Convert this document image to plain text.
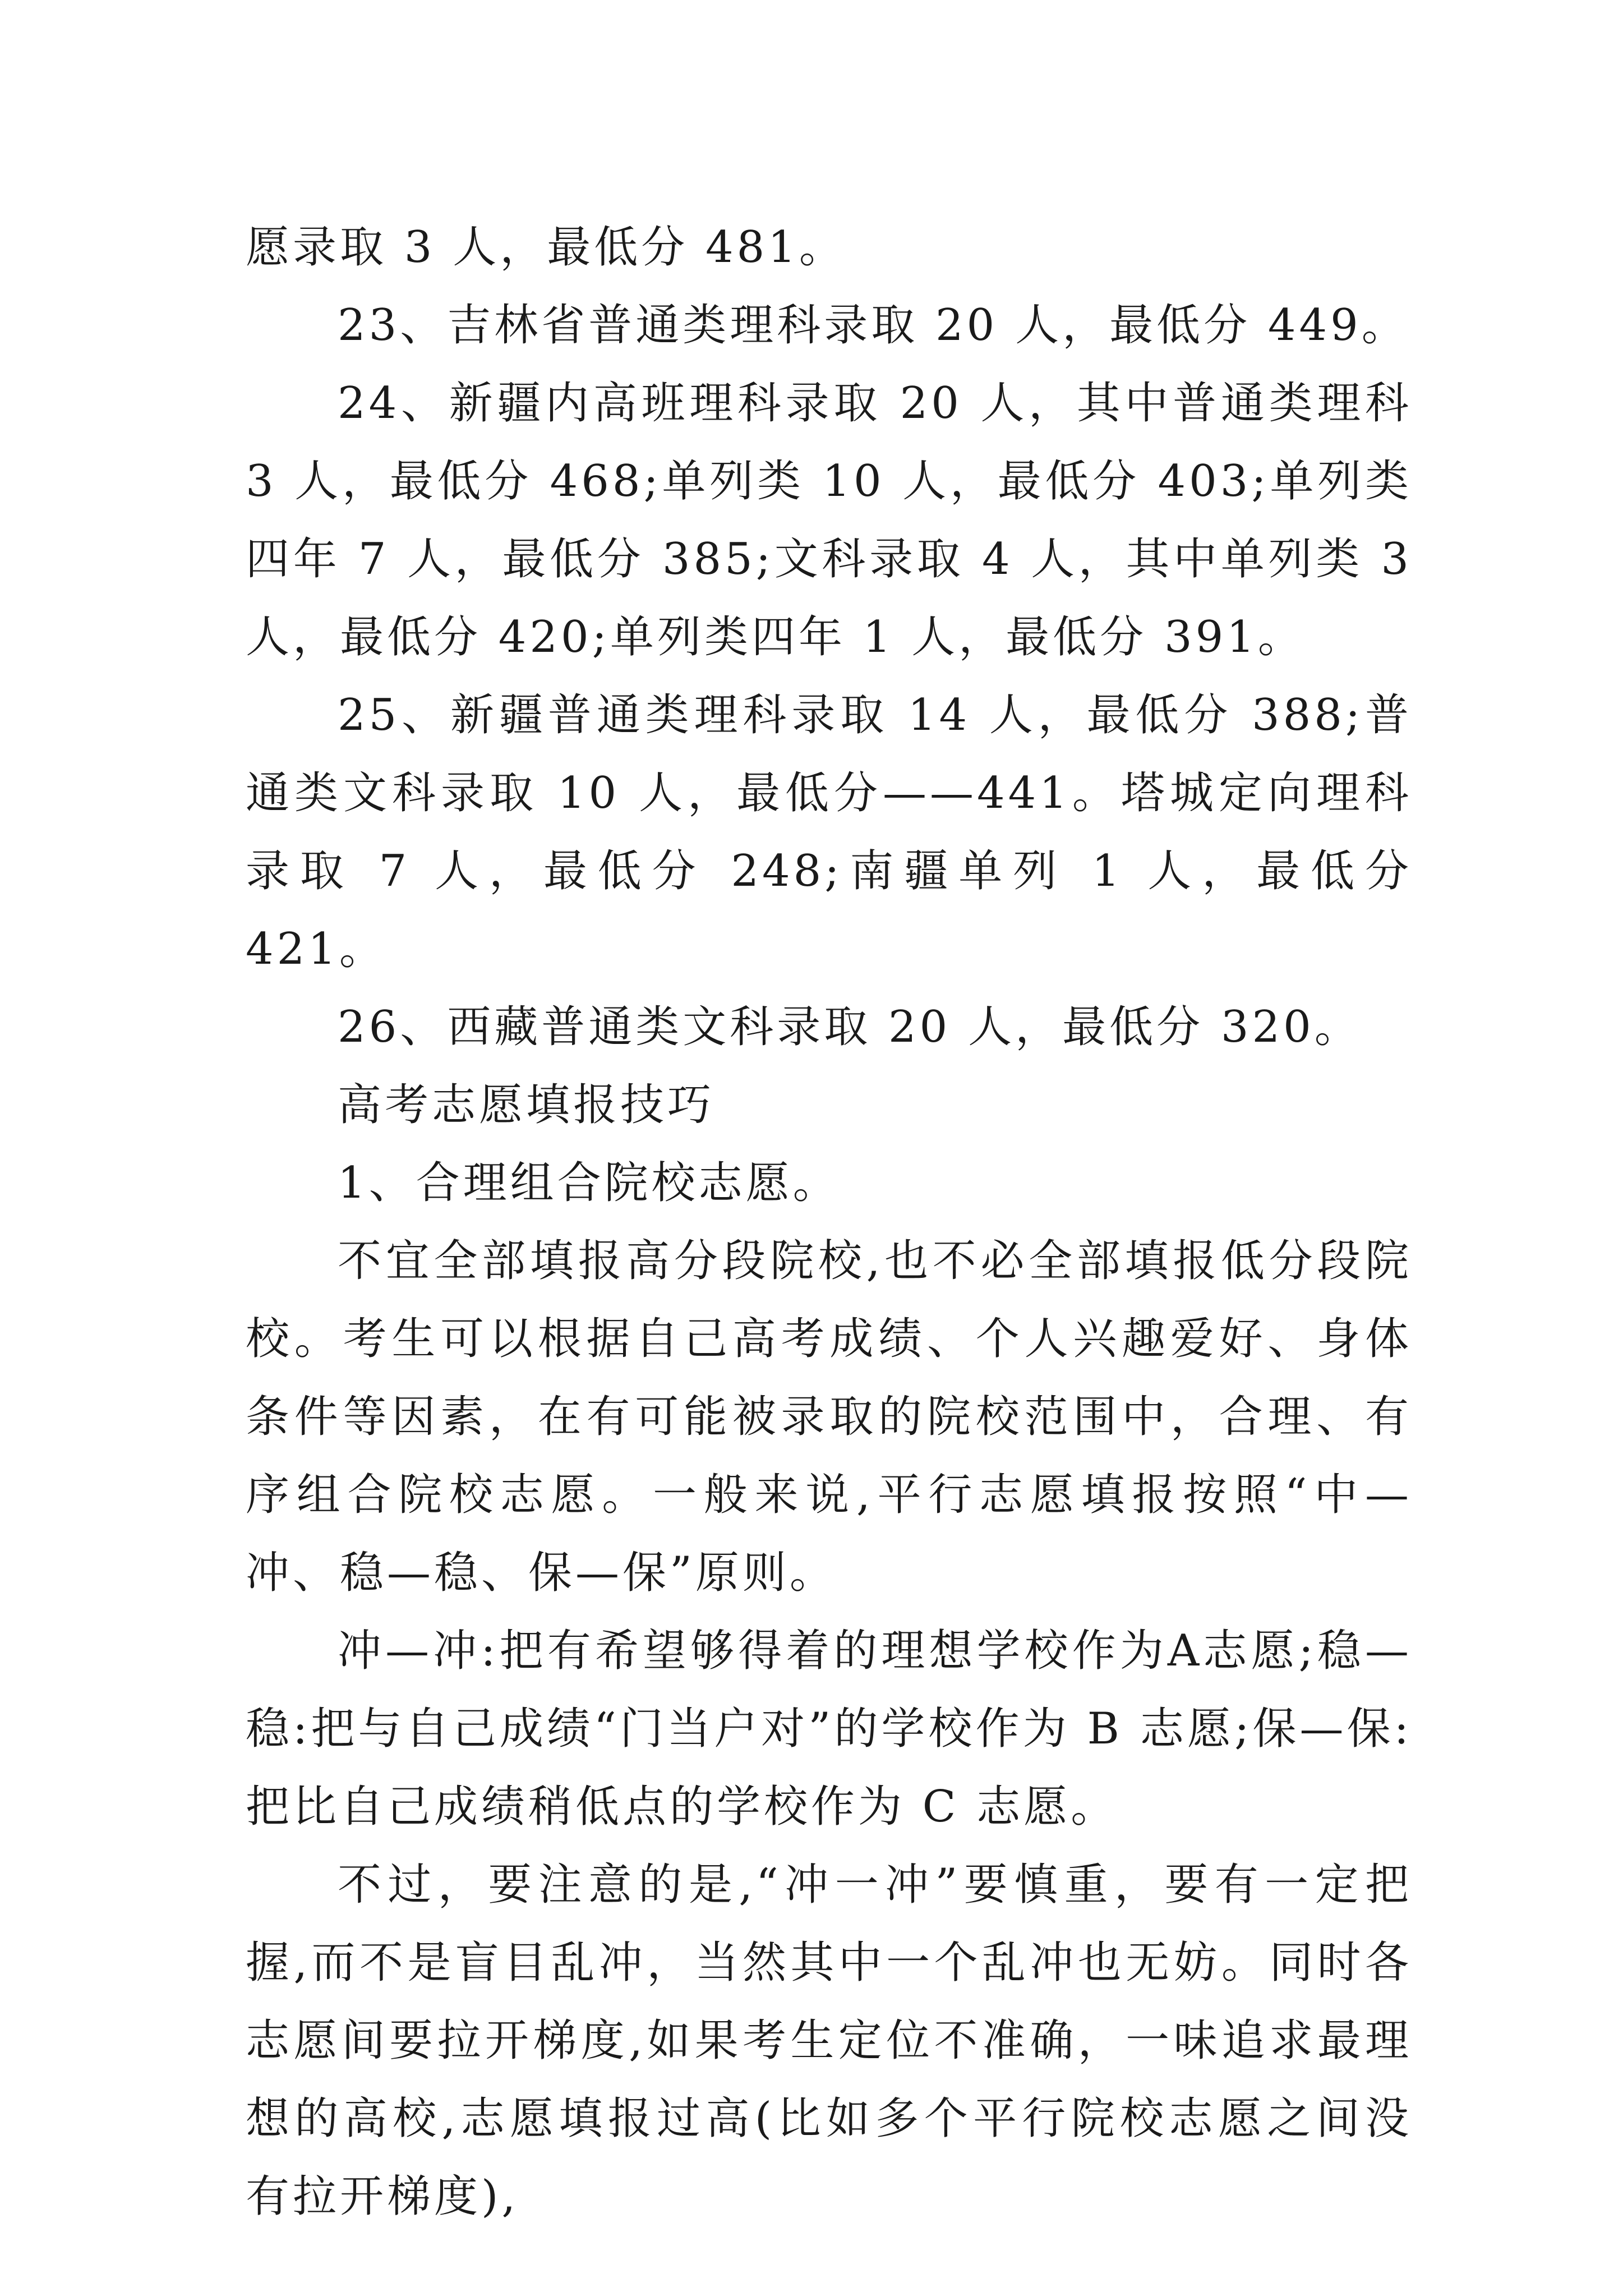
愿录取 3 人，最低分 481。

23、吉林省普通类理科录取 20 人，最低分 449。

24、新疆内高班理科录取 20 人，其中普通类理科 3 人，最低分 468;单列类 10 人，最低分 403;单列类四年 7 人，最低分 385;文科录取 4 人，其中单列类 3 人，最低分 420;单列类四年 1 人，最低分 391。

25、新疆普通类理科录取 14 人，最低分 388;普通类文科录取 10 人，最低分——441。塔城定向理科录取 7 人，最低分 248;南疆单列 1 人，最低分 421。

26、西藏普通类文科录取 20 人，最低分 320。

高考志愿填报技巧

1、合理组合院校志愿。

不宜全部填报高分段院校,也不必全部填报低分段院校。考生可以根据自己高考成绩、个人兴趣爱好、身体条件等因素，在有可能被录取的院校范围中，合理、有序组合院校志愿。一般来说,平行志愿填报按照“中—冲、稳—稳、保—保”原则。

冲—冲:把有希望够得着的理想学校作为A志愿;稳—稳:把与自己成绩“门当户对”的学校作为 B 志愿;保—保:把比自己成绩稍低点的学校作为 C 志愿。

不过，要注意的是,“冲一冲”要慎重，要有一定把握,而不是盲目乱冲，当然其中一个乱冲也无妨。同时各志愿间要拉开梯度,如果考生定位不准确，一味追求最理想的高校,志愿填报过高(比如多个平行院校志愿之间没有拉开梯度),
